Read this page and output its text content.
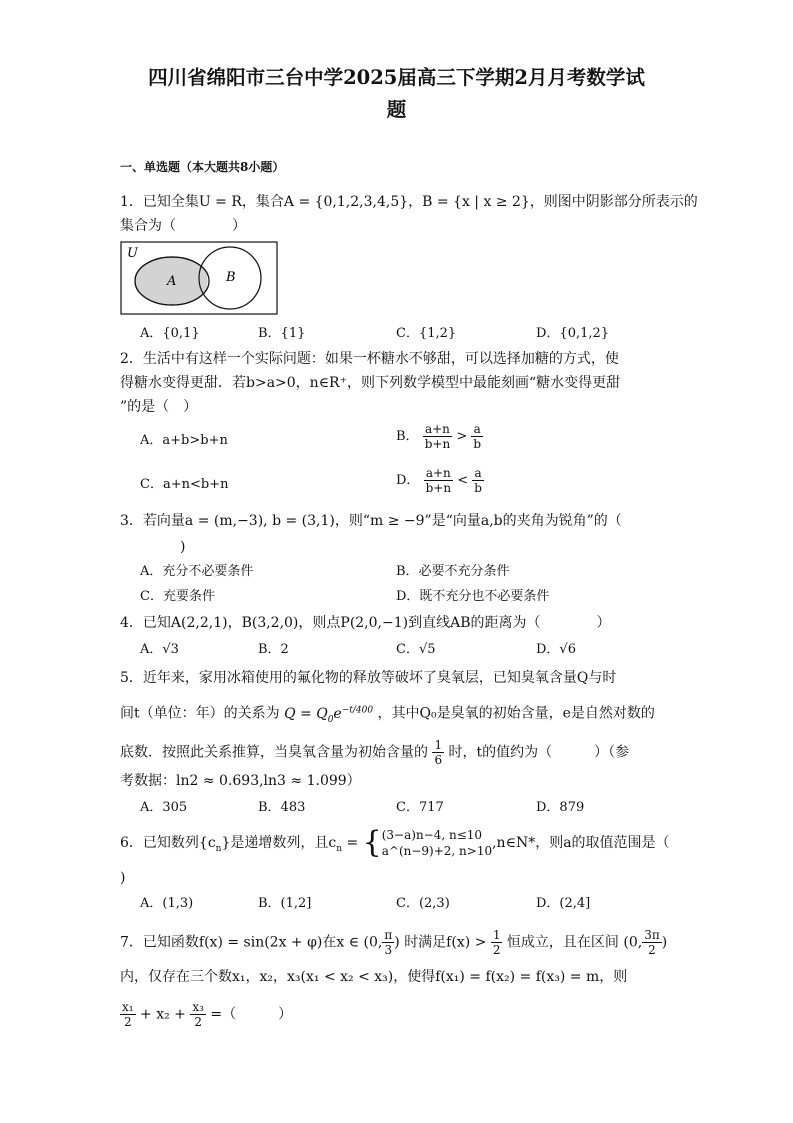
四川省绵阳市三台中学2025届高三下学期2月月考数学试
题
一、单选题（本大题共8小题）
1．已知全集U = R，集合A = {0,1,2,3,4,5}，B = {x | x ≥ 2}，则图中阴影部分所表示的
集合为（　　　　）
U
A	B
A．{0,1}	B．{1}	C．{1,2}	D．{0,1,2}
2．生活中有这样一个实际问题：如果一杯糖水不够甜，可以选择加糖的方式，使
得糖水变得更甜．若b>a>0，n∈R⁺，则下列数学模型中最能刻画“糖水变得更甜
”的是（　）
A．a+b>b+n	B． $\frac{a+n}{b+n} > \frac{a}{b}$
C．a+n<b+n	D． $\frac{a+n}{b+n} < \frac{a}{b}$
3．若向量a = (m,−3), b = (3,1)，则“m ≥ −9”是“向量a,b的夹角为锐角”的（
)
A．充分不必要条件	B．必要不充分条件
C．充要条件	D．既不充分也不必要条件
4．已知A(2,2,1)，B(3,2,0)，则点P(2,0,−1)到直线AB的距离为（　　　　）
A．√3	B．2	C．√5	D．√6
5．近年来，家用冰箱使用的氟化物的释放等破坏了臭氧层，已知臭氧含量Q与时
间t（单位：年）的关系为 $Q = Q_0e^{-t/400}$ ，其中Q₀是臭氧的初始含量，e是自然对数的
底数．按照此关系推算，当臭氧含量为初始含量的 $\frac{1}{6}$ 时，t的值约为（　　　）（参
考数据：ln2 ≈ 0.693,ln3 ≈ 1.099）
A．305	B．483	C．717	D．879
6．已知数列$\{c_n\}$是递增数列，且$c_n$ = { (3−a)n−4, n≤10
a^(n−9)+2, n>10 ,n∈N*，则a的取值范围是（
)
A．(1,3)	B．(1,2]	C．(2,3)	D．(2,4]
7．已知函数f(x) = sin(2x + φ)在x ∈ (0, $\frac{\pi}{3}$ ) 时满足$f(x) > \frac{1}{2}$ 恒成立，且在区间 (0, $\frac{3\pi}{2}$ )
内，仅存在三个数x₁，x₂，x₃(x₁ < x₂ < x₃)，使得f(x₁) = f(x₂) = f(x₃) = m，则
$\frac{\text{x₁}}{2} + x_2 + \frac{\text{x₃}}{2}$ =（　　　）
